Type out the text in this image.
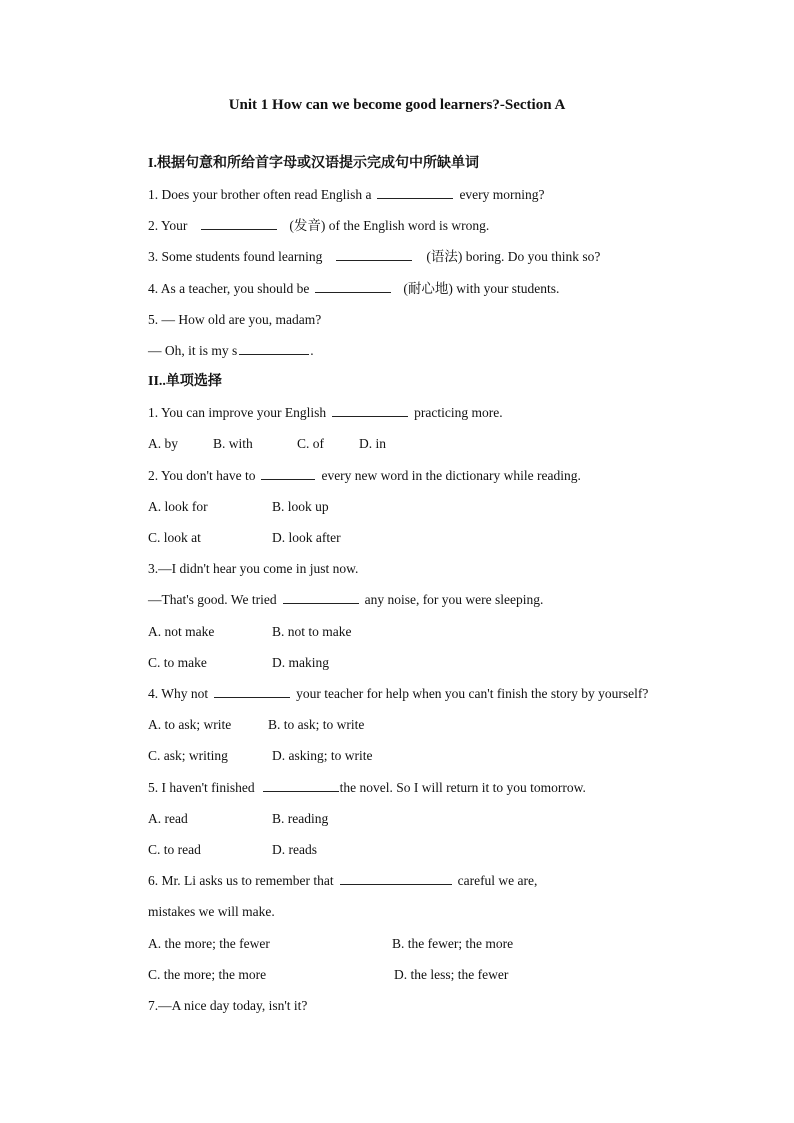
Unit 1 How can we become good learners?-Section A
I.根据句意和所给首字母或汉语提示完成句中所缺单词
1. Does your brother often read English a	every morning?
2. Your	(发音) of the English word is wrong.
3. Some students found learning	(语法) boring. Do you think so?
4. As a teacher, you should be	(耐心地) with your students.
5. — How old are you, madam?
— Oh, it is my s	.
II..单项选择
1. You can improve your English	practicing more.
A. by	B. with	C. of	D. in
2. You don't have to	every new word in the dictionary while reading.
A. look for	B. look up
C. look at	D. look after
3.—I didn't hear you come in just now.
—That's good. We tried	any noise, for you were sleeping.
A. not make	B. not to make
C. to make	D. making
4. Why not	your teacher for help when you can't finish the story by yourself?
A. to ask; write	B. to ask; to write
C. ask; writing	D. asking; to write
5. I haven't finished	the novel. So I will return it to you tomorrow.
A. read	B. reading
C. to read	D. reads
6. Mr. Li asks us to remember that	careful we are,
mistakes we will make.
A. the more; the fewer	B. the fewer; the more
C. the more; the more	D. the less; the fewer
7.—A nice day today, isn't it?
